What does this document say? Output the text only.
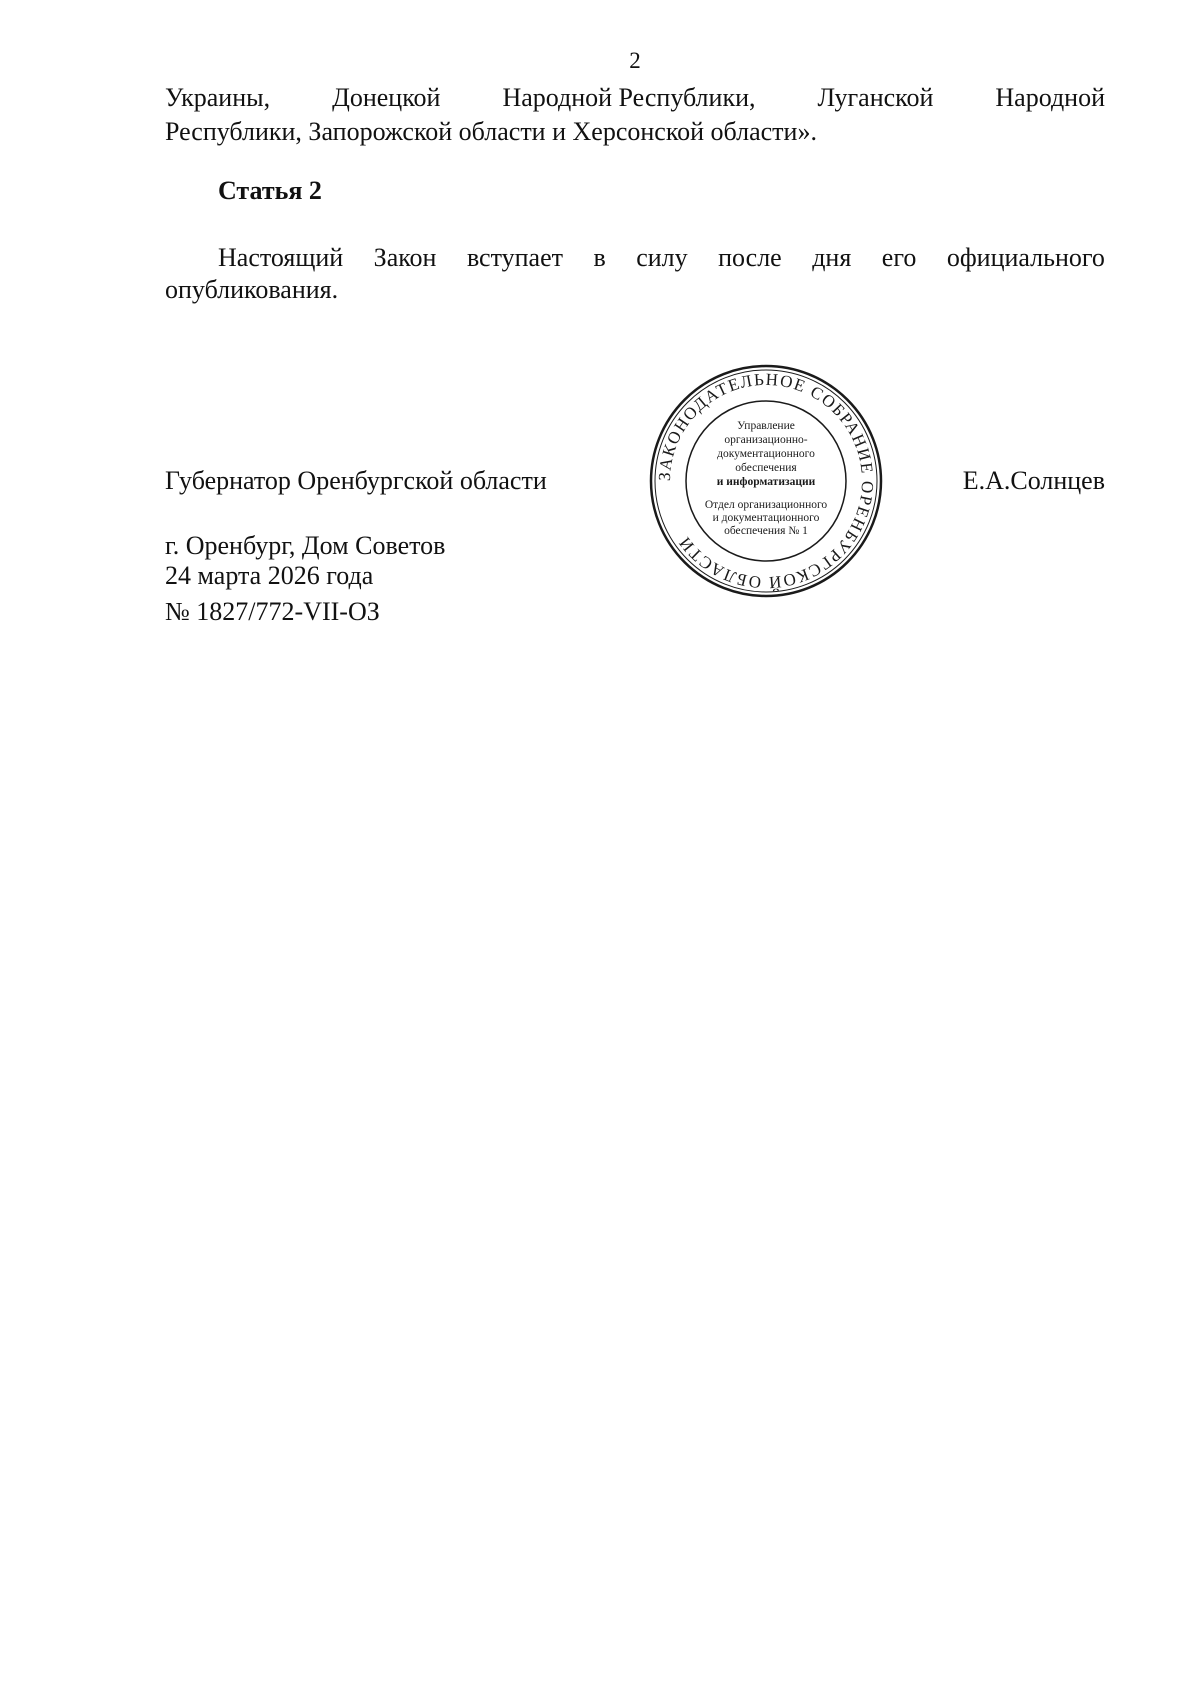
2
Украины, Донецкой Народной Республики, Луганской Народной
Республики, Запорожской области и Херсонской области».
Статья 2
Настоящий Закон вступает в силу после дня его официального
опубликования.
Губернатор Оренбургской области	Е.А.Солнцев
г. Оренбург, Дом Советов
24 марта 2026 года
№ 1827/772-VII-ОЗ
ЗАКОНОДАТЕЛЬНОЕ СОБРАНИЕ ОРЕНБУРГСКОЙ ОБЛАСТИ
Управление
организационно-
документационного
обеспечения
и информатизации
Отдел организационного
и документационного
обеспечения № 1
